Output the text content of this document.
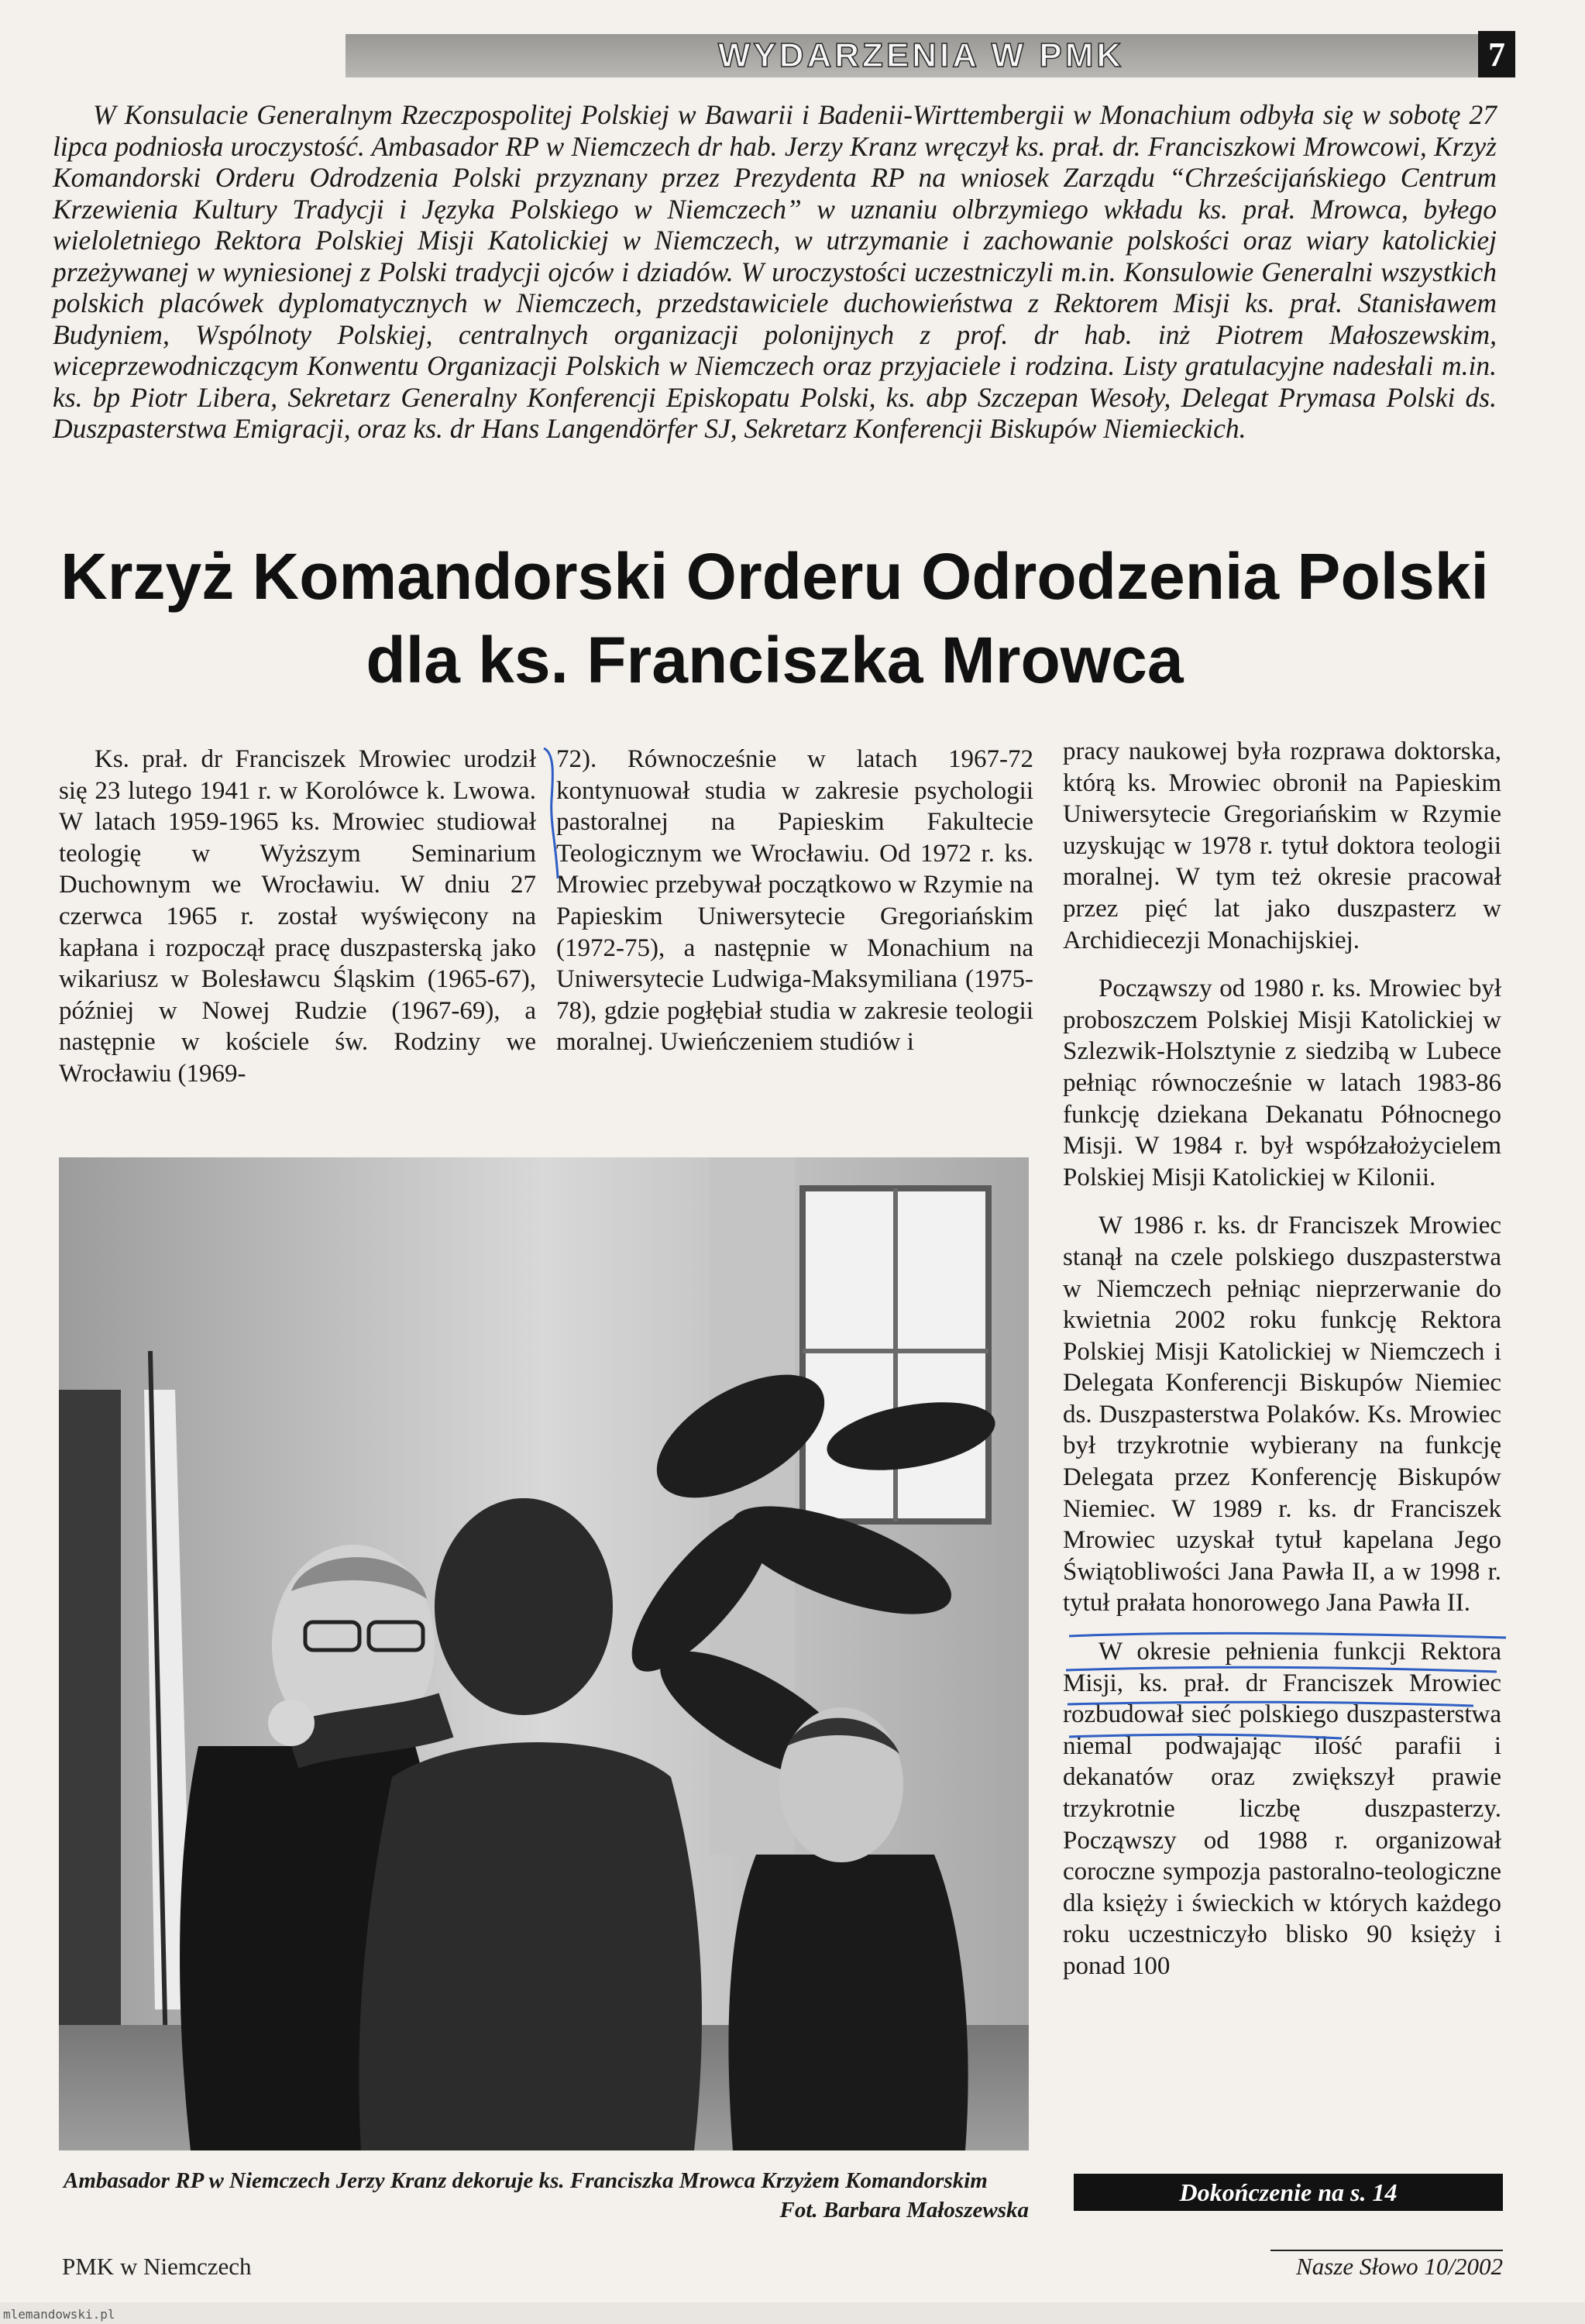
WYDARZENIA W PMK	7
W Konsulacie Generalnym Rzeczpospolitej Polskiej w Bawarii i Badenii-Wirttembergii w Monachium odbyła się w sobotę 27 lipca podniosła uroczystość. Ambasador RP w Niemczech dr hab. Jerzy Kranz wręczył ks. prał. dr. Franciszkowi Mrowcowi, Krzyż Komandorski Orderu Odrodzenia Polski przyznany przez Prezydenta RP na wniosek Zarządu “Chrześcijańskiego Centrum Krzewienia Kultury Tradycji i Języka Polskiego w Niemczech” w uznaniu olbrzymiego wkładu ks. prał. Mrowca, byłego wieloletniego Rektora Polskiej Misji Katolickiej w Niemczech, w utrzymanie i zachowanie polskości oraz wiary katolickiej przeżywanej w wyniesionej z Polski tradycji ojców i dziadów. W uroczystości uczestniczyli m.in. Konsulowie Generalni wszystkich polskich placówek dyplomatycznych w Niemczech, przedstawiciele duchowieństwa z Rektorem Misji ks. prał. Stanisławem Budyniem, Wspólnoty Polskiej, centralnych organizacji polonijnych z prof. dr hab. inż Piotrem Małoszewskim, wiceprzewodniczącym Konwentu Organizacji Polskich w Niemczech oraz przyjaciele i rodzina. Listy gratulacyjne nadesłali m.in. ks. bp Piotr Libera, Sekretarz Generalny Konferencji Episkopatu Polski, ks. abp Szczepan Wesoły, Delegat Prymasa Polski ds. Duszpasterstwa Emigracji, oraz ks. dr Hans Langendörfer SJ, Sekretarz Konferencji Biskupów Niemieckich.
Krzyż Komandorski Orderu Odrodzenia Polski
dla ks. Franciszka Mrowca

Ks. prał. dr Franciszek Mrowiec urodził się 23 lutego 1941 r. w Korolówce k. Lwowa. W latach 1959-1965 ks. Mrowiec studiował teologię w Wyższym Seminarium Duchownym we Wrocławiu. W dniu 27 czerwca 1965 r. został wyświęcony na kapłana i rozpoczął pracę duszpasterską jako wikariusz w Bolesławcu Śląskim (1965-67), później w Nowej Rudzie (1967-69), a następnie w kościele św. Rodziny we Wrocławiu (1969-

72). Równocześnie w latach 1967-72 kontynuował studia w zakresie psychologii pastoralnej na Papieskim Fakultecie Teologicznym we Wrocławiu. Od 1972 r. ks. Mrowiec przebywał początkowo w Rzymie na Papieskim Uniwersytecie Gregoriańskim (1972-75), a następnie w Monachium na Uniwersytecie Ludwiga-Maksymiliana (1975-78), gdzie pogłębiał studia w zakresie teologii moralnej. Uwieńczeniem studiów i

pracy naukowej była rozprawa doktorska, którą ks. Mrowiec obronił na Papieskim Uniwersytecie Gregoriańskim w Rzymie uzyskując w 1978 r. tytuł doktora teologii moralnej. W tym też okresie pracował przez pięć lat jako duszpasterz w Archidiecezji Monachijskiej.

Począwszy od 1980 r. ks. Mrowiec był proboszczem Polskiej Misji Katolickiej w Szlezwik-Holsztynie z siedzibą w Lubece pełniąc równocześnie w latach 1983-86 funkcję dziekana Dekanatu Północnego Misji. W 1984 r. był współzałożycielem Polskiej Misji Katolickiej w Kilonii.

W 1986 r. ks. dr Franciszek Mrowiec stanął na czele polskiego duszpasterstwa w Niemczech pełniąc nieprzerwanie do kwietnia 2002 roku funkcję Rektora Polskiej Misji Katolickiej w Niemczech i Delegata Konferencji Biskupów Niemiec ds. Duszpasterstwa Polaków. Ks. Mrowiec był trzykrotnie wybierany na funkcję Delegata przez Konferencję Biskupów Niemiec. W 1989 r. ks. dr Franciszek Mrowiec uzyskał tytuł kapelana Jego Świątobliwości Jana Pawła II, a w 1998 r. tytuł prałata honorowego Jana Pawła II.

W okresie pełnienia funkcji Rektora Misji, ks. prał. dr Franciszek Mrowiec rozbudował sieć polskiego duszpasterstwa niemal podwajając ilość parafii i dekanatów oraz zwiększył prawie trzykrotnie liczbę duszpasterzy. Począwszy od 1988 r. organizował coroczne sympozja pastoralno-teologiczne dla księży i świeckich w których każdego roku uczestniczyło blisko 90 księży i ponad 100

Ambasador RP w Niemczech Jerzy Kranz dekoruje ks. Franciszka Mrowca Krzyżem Komandorskim
Fot. Barbara Małoszewska
Dokończenie na s. 14
PMK w Niemczech	Nasze Słowo 10/2002
mlemandowski.pl
